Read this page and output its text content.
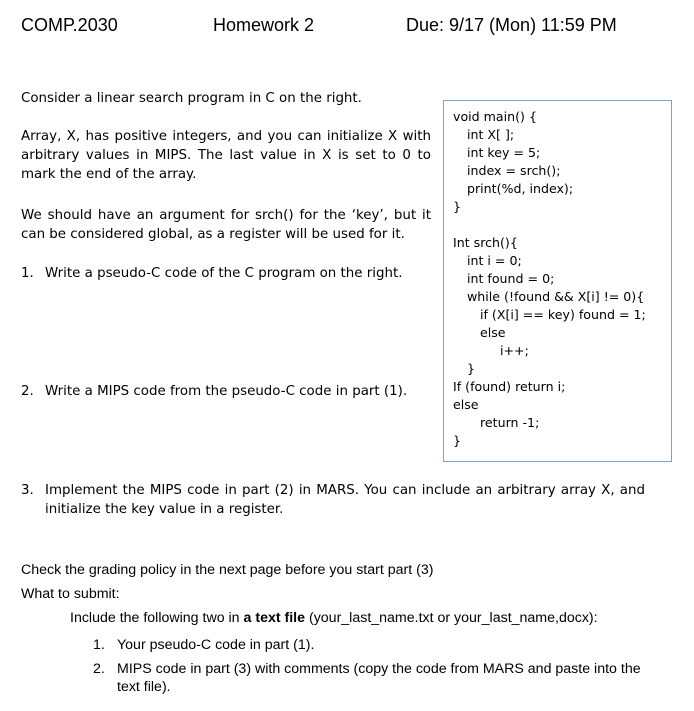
COMP.2030	Homework 2	Due: 9/17 (Mon) 11:59 PM

Consider a linear search program in C on the right.

Array, X, has positive integers, and you can initialize X with arbitrary values in MIPS. The last value in X is set to 0 to mark the end of the array.

We should have an argument for srch() for the ‘key’, but it can be considered global, as a register will be used for it.

1. Write a pseudo-C code of the C program on the right.
2. Write a MIPS code from the pseudo-C code in part (1).
void main() {
int X[ ];
int key = 5;
index = srch();
print(%d, index);
}
Int srch(){
int i = 0;
int found = 0;
while (!found && X[i] != 0){
if (X[i] == key) found = 1;
else
i++;
}
If (found) return i;
else
return -1;
}
3. Implement the MIPS code in part (2) in MARS. You can include an arbitrary array X, and initialize the key value in a register.
Check the grading policy in the next page before you start part (3)
What to submit:
Include the following two in a text file (your_last_name.txt or your_last_name,docx):
1. Your pseudo-C code in part (1).
2. MIPS code in part (3) with comments (copy the code from MARS and paste into the text file).
